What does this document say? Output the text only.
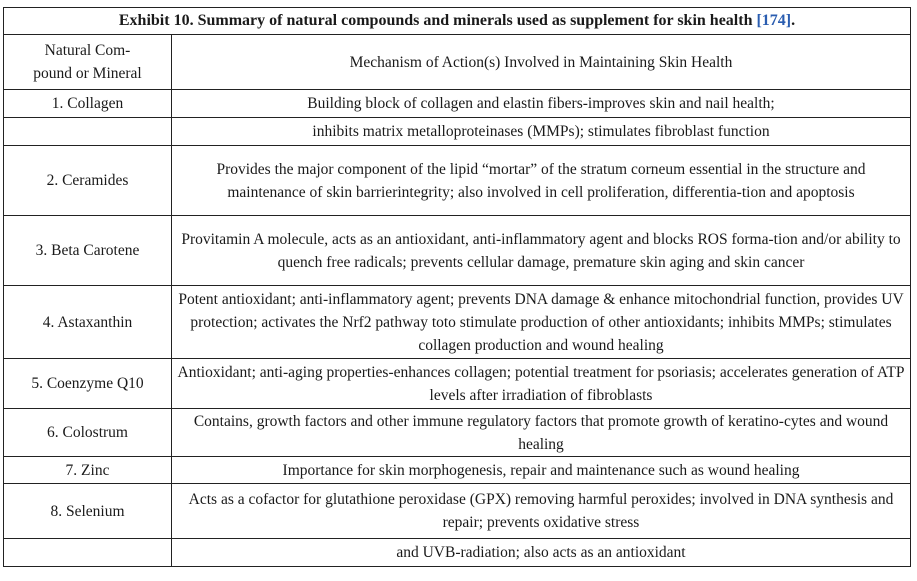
Exhibit 10. Summary of natural compounds and minerals used as supplement for skin health [174].	
Natural Com-
pound or Mineral	Mechanism of Action(s) Involved in Maintaining Skin Health
1. Collagen	Building block of collagen and elastin fibers-improves skin and nail health;
	inhibits matrix metalloproteinases (MMPs); stimulates fibroblast function
2. Ceramides	Provides the major component of the lipid “mortar” of the stratum corneum essential in the structure and maintenance of skin barrierintegrity; also involved in cell proliferation, differentia-tion and apoptosis
3. Beta Carotene	Provitamin A molecule, acts as an antioxidant, anti-inflammatory agent and blocks ROS forma-tion and/or ability to quench free radicals; prevents cellular damage, premature skin aging and skin cancer
4. Astaxanthin	Potent antioxidant; anti-inflammatory agent; prevents DNA damage & enhance mitochondrial function, provides UV protection; activates the Nrf2 pathway toto stimulate production of other antioxidants; inhibits MMPs; stimulates collagen production and wound healing
5. Coenzyme Q10	Antioxidant; anti-aging properties-enhances collagen; potential treatment for psoriasis; accelerates generation of ATP levels after irradiation of fibroblasts
6. Colostrum	Contains, growth factors and other immune regulatory factors that promote growth of keratino-cytes and wound healing
7. Zinc	Importance for skin morphogenesis, repair and maintenance such as wound healing
8. Selenium	Acts as a cofactor for glutathione peroxidase (GPX) removing harmful peroxides; involved in DNA synthesis and repair; prevents oxidative stress
	and UVB-radiation; also acts as an antioxidant
